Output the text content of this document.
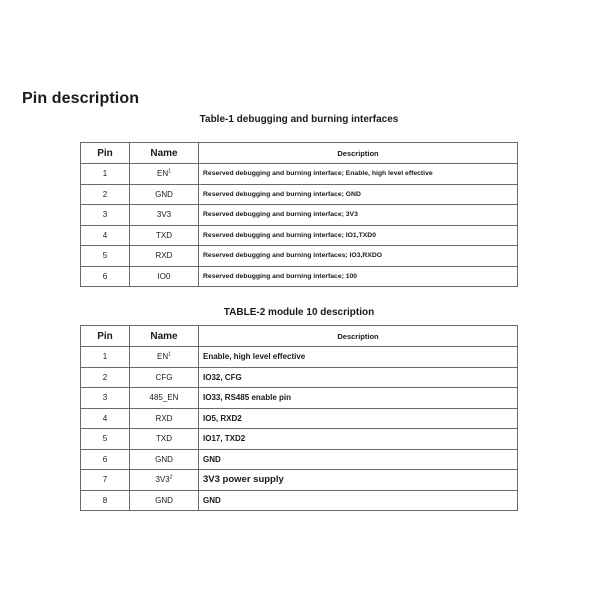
Pin description
Table-1 debugging and burning interfaces
Pin	Name	Description
1	EN$^1$	Reserved debugging and burning interface; Enable, high level effective
2	GND	Reserved debugging and burning interface; GND
3	3V3	Reserved debugging and burning interface; 3V3
4	TXD	Reserved debugging and burning interface; IO1,TXD0
5	RXD	Reserved debugging and burning interfaces; IO3,RXDO
6	IO0	Reserved debugging and burning interface; 100
TABLE-2 module 10 description
Pin	Name	Description
1	EN$^1$	Enable, high level effective
2	CFG	IO32, CFG
3	485_EN	IO33, RS485 enable pin
4	RXD	IO5, RXD2
5	TXD	IO17, TXD2
6	GND	GND
7	3V3$^2$	3V3 power supply
8	GND	GND
